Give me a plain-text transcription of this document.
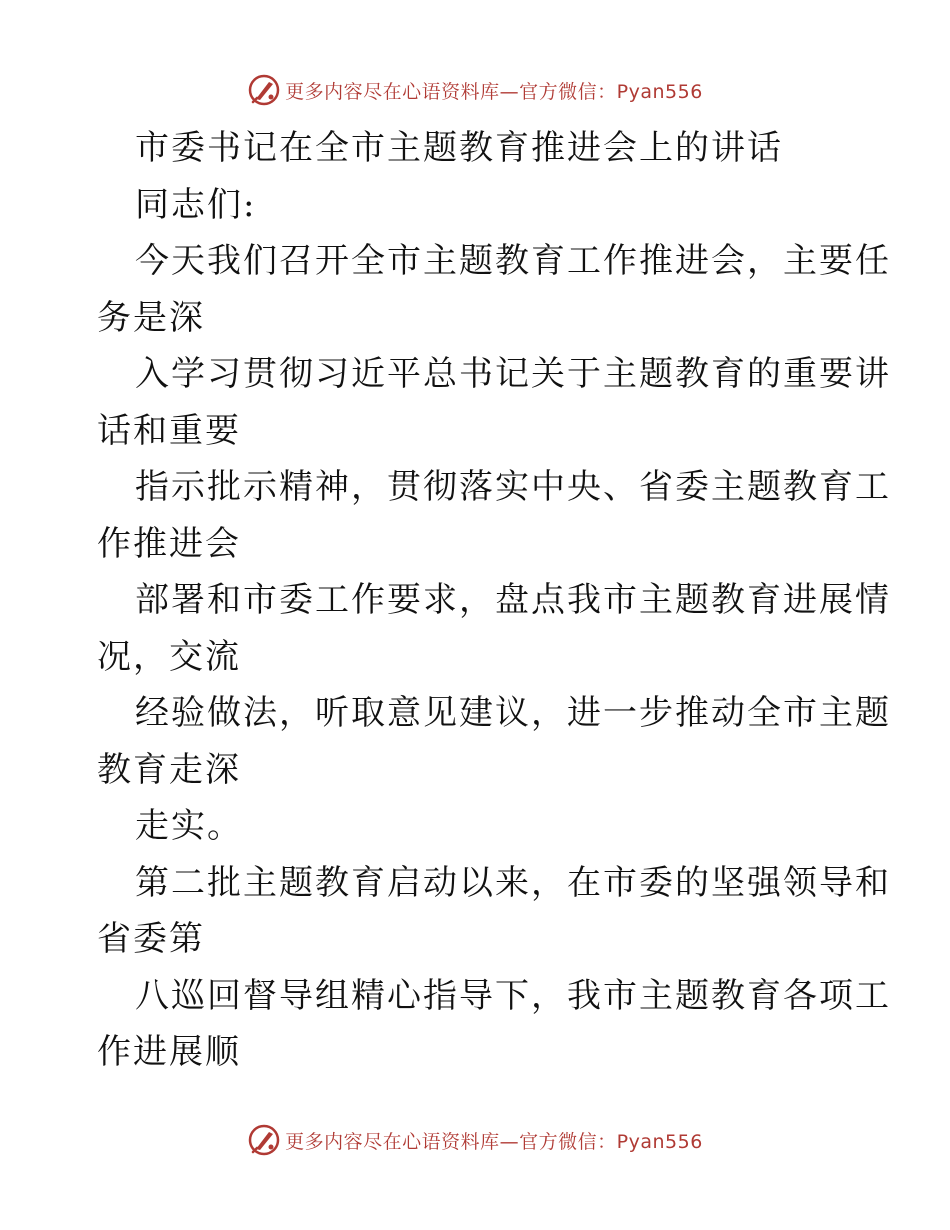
更多内容尽在心语资料库—官方微信：Pyan556
市委书记在全市主题教育推进会上的讲话
同志们:
今天我们召开全市主题教育工作推进会，主要任
务是深
入学习贯彻习近平总书记关于主题教育的重要讲
话和重要
指示批示精神，贯彻落实中央、省委主题教育工
作推进会
部署和市委工作要求，盘点我市主题教育进展情
况，交流
经验做法，听取意见建议，进一步推动全市主题
教育走深
走实。
第二批主题教育启动以来，在市委的坚强领导和
省委第
八巡回督导组精心指导下，我市主题教育各项工
作进展顺
更多内容尽在心语资料库—官方微信：Pyan556
